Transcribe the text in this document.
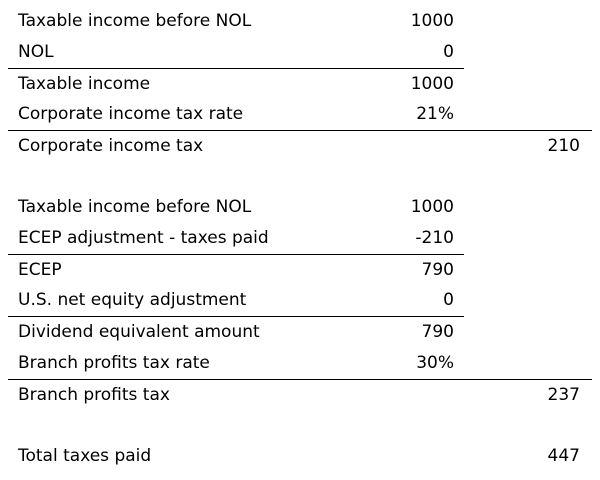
Taxable income before NOL	1000
NOL	0
Taxable income	1000
Corporate income tax rate	21%
Corporate income tax	210
Taxable income before NOL	1000
ECEP adjustment - taxes paid	-210
ECEP	790
U.S. net equity adjustment	0
Dividend equivalent amount	790
Branch profits tax rate	30%
Branch profits tax	237
Total taxes paid	447
